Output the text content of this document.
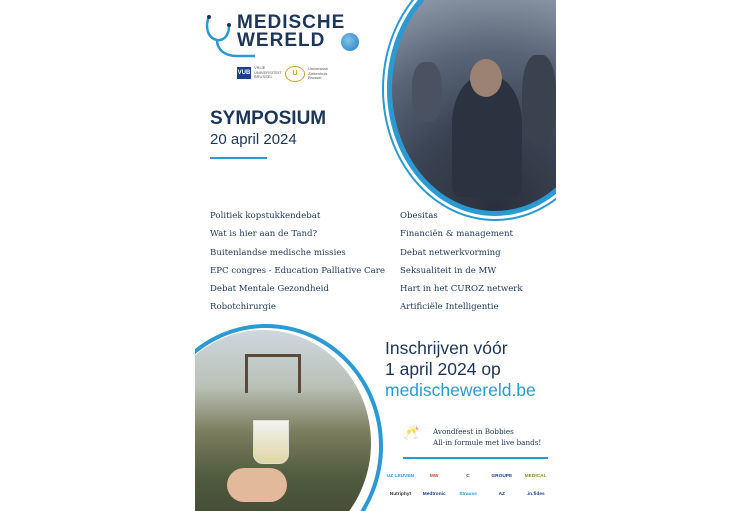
MEDISCHE
WERELD
VUB
VRIJE
UNIVERSITEIT
BRUSSEL	U
Universitair
Ziekenhuis
Brussel
SYMPOSIUM
20 april 2024
Politiek kopstukkendebat
Wat is hier aan de Tand?
Buitenlandse medische missies
EPC congres - Education Palliative Care
Debat Mentale Gezondheid
Robotchirurgie
Obesitas
Financiën & management
Debat netwerkvorming
Seksualiteit in de MW
Hart in het CUROZ netwerk
Artificiële Intelligentie
Inschrijven vóór
1 april 2024 op
medischewereld.be
🥂 Avondfeest in Bobbies
All-in formule met live bands!
UZ LEUVEN	MW	C	GROUPE	MEDICAL
Nutriphyt	Medtronic	Strauss	AZ	.in.fides
